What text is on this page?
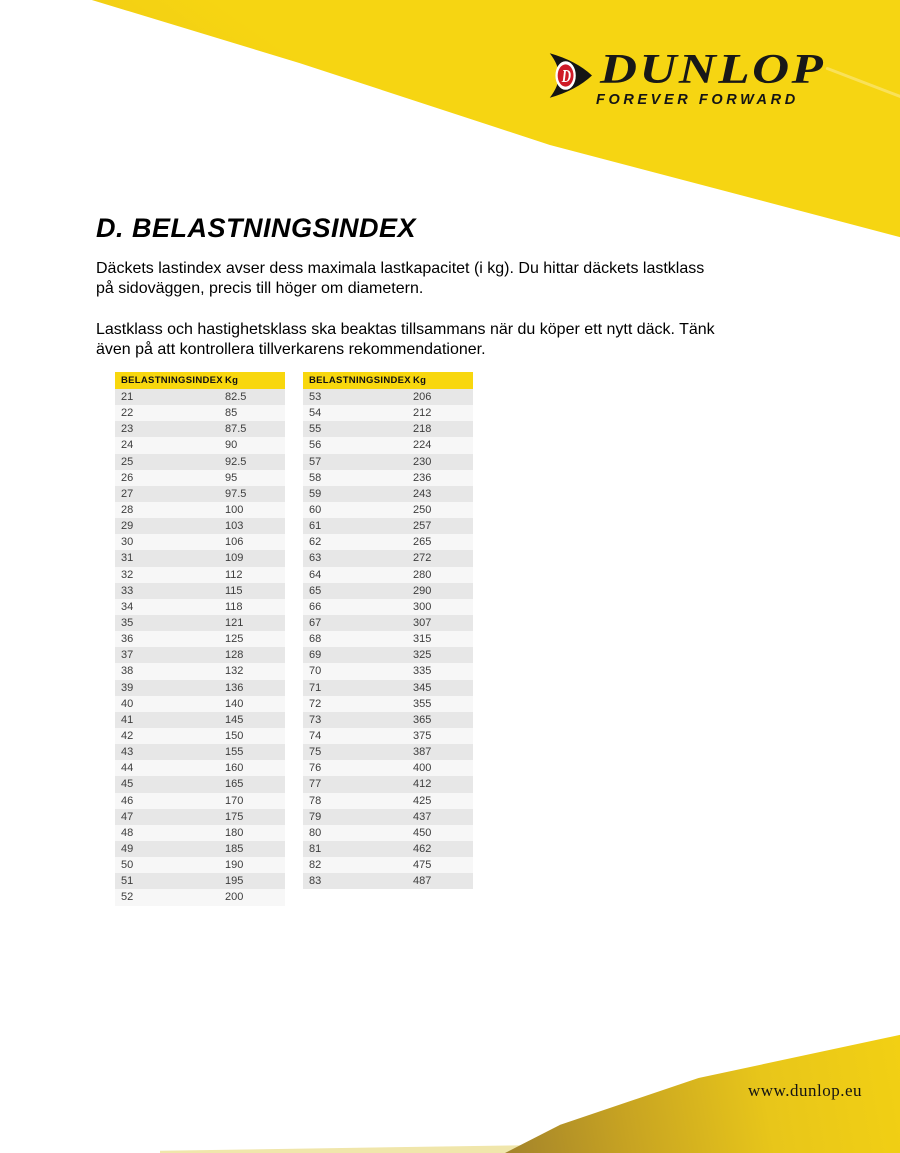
D DUNLOP
FOREVER FORWARD
D. BELASTNINGSINDEX

Däckets lastindex avser dess maximala lastkapacitet (i kg). Du hittar däckets lastklass
på sidoväggen, precis till höger om diametern.

Lastklass och hastighetsklass ska beaktas tillsammans när du köper ett nytt däck. Tänk
även på att kontrollera tillverkarens rekommendationer.

BELASTNINGSINDEX Kg
21	82.5
22	85
23	87.5
24	90
25	92.5
26	95
27	97.5
28	100
29	103
30	106
31	109
32	112
33	115
34	118
35	121
36	125
37	128
38	132
39	136
40	140
41	145
42	150
43	155
44	160
45	165
46	170
47	175
48	180
49	185
50	190
51	195
52	200
BELASTNINGSINDEX Kg
53	206
54	212
55	218
56	224
57	230
58	236
59	243
60	250
61	257
62	265
63	272
64	280
65	290
66	300
67	307
68	315
69	325
70	335
71	345
72	355
73	365
74	375
75	387
76	400
77	412
78	425
79	437
80	450
81	462
82	475
83	487
www.dunlop.eu
